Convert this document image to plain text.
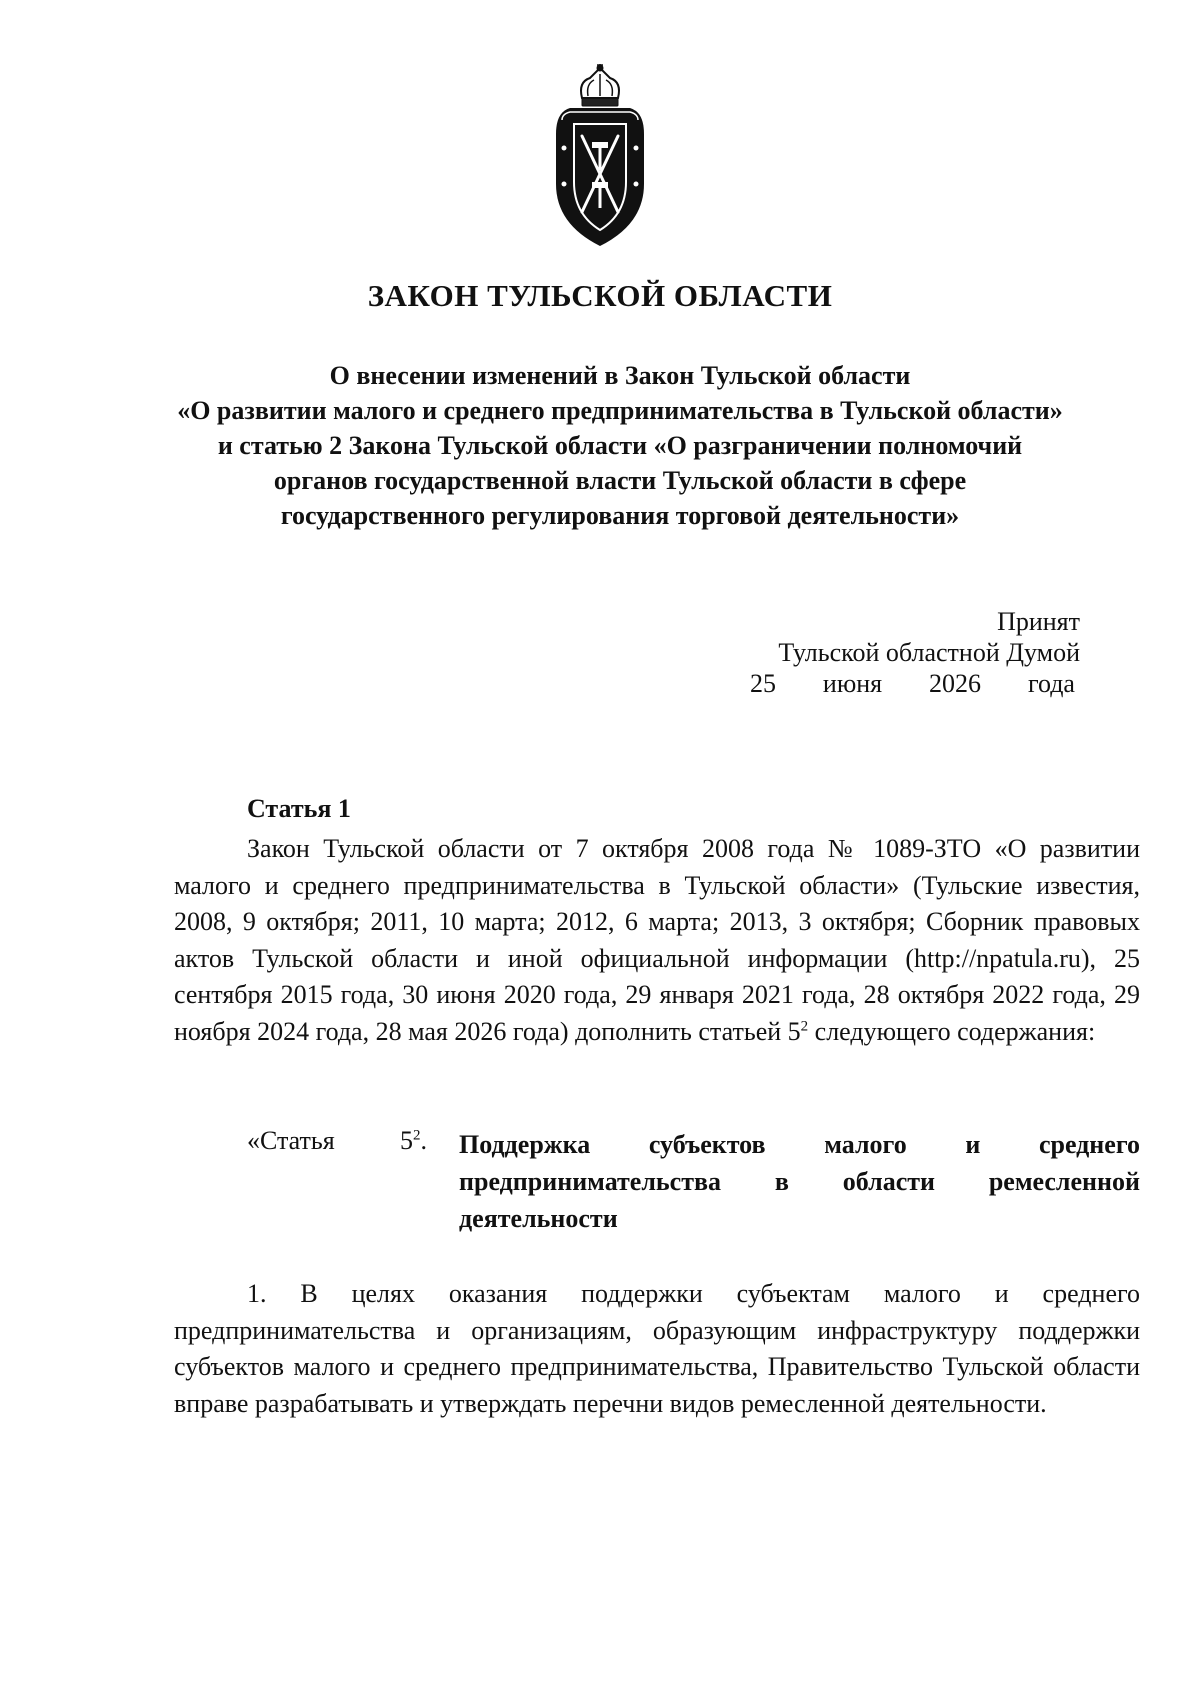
ЗАКОН ТУЛЬСКОЙ ОБЛАСТИ
О внесении изменений в Закон Тульской области
«О развитии малого и среднего предпринимательства в Тульской области»
и статью 2 Закона Тульской области «О разграничении полномочий
органов государственной власти Тульской области в сфере
государственного регулирования торговой деятельности»
Принят
Тульской областной Думой
25 июня 2026 года
Статья 1
Закон Тульской области от 7 октября 2008 года № 1089-ЗТО «О развитии малого и среднего предпринимательства в Тульской области» (Тульские известия, 2008, 9 октября; 2011, 10 марта; 2012, 6 марта; 2013, 3 октября; Сборник правовых актов Тульской области и иной официальной информации (http://npatula.ru), 25 сентября 2015 года, 30 июня 2020 года, 29 января 2021 года, 28 октября 2022 года, 29 ноября 2024 года, 28 мая 2026 года) дополнить статьей $5^2$ следующего содержания:
«Статья	$5^2$. Поддержка субъектов малого и среднего предпринимательства в области ремесленной деятельности
1. В целях оказания поддержки субъектам малого и среднего предпринимательства и организациям, образующим инфраструктуру поддержки субъектов малого и среднего предпринимательства, Правительство Тульской области вправе разрабатывать и утверждать перечни видов ремесленной деятельности.
